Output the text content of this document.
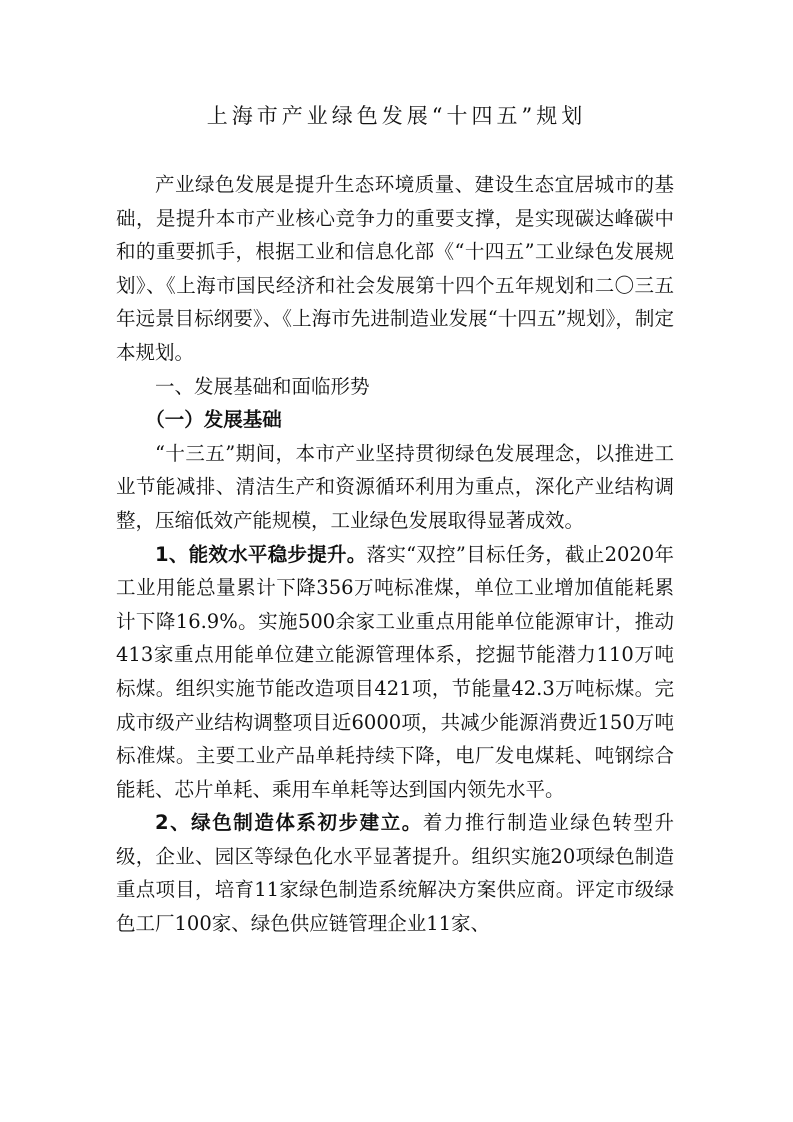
上海市产业绿色发展“十四五”规划

产业绿色发展是提升生态环境质量、建设生态宜居城市的基础，是提升本市产业核心竞争力的重要支撑，是实现碳达峰碳中和的重要抓手，根据工业和信息化部《“十四五”工业绿色发展规划》、《上海市国民经济和社会发展第十四个五年规划和二〇三五年远景目标纲要》、《上海市先进制造业发展“十四五”规划》，制定本规划。

一、发展基础和面临形势

（一）发展基础

“十三五”期间，本市产业坚持贯彻绿色发展理念，以推进工业节能减排、清洁生产和资源循环利用为重点，深化产业结构调整，压缩低效产能规模，工业绿色发展取得显著成效。

1、能效水平稳步提升。落实“双控”目标任务，截止2020年工业用能总量累计下降356万吨标准煤，单位工业增加值能耗累计下降16.9%。实施500余家工业重点用能单位能源审计，推动413家重点用能单位建立能源管理体系，挖掘节能潜力110万吨标煤。组织实施节能改造项目421项，节能量42.3万吨标煤。完成市级产业结构调整项目近6000项，共减少能源消费近150万吨标准煤。主要工业产品单耗持续下降，电厂发电煤耗、吨钢综合能耗、芯片单耗、乘用车单耗等达到国内领先水平。

2、绿色制造体系初步建立。着力推行制造业绿色转型升级，企业、园区等绿色化水平显著提升。组织实施20项绿色制造重点项目，培育11家绿色制造系统解决方案供应商。评定市级绿色工厂100家、绿色供应链管理企业11家、
